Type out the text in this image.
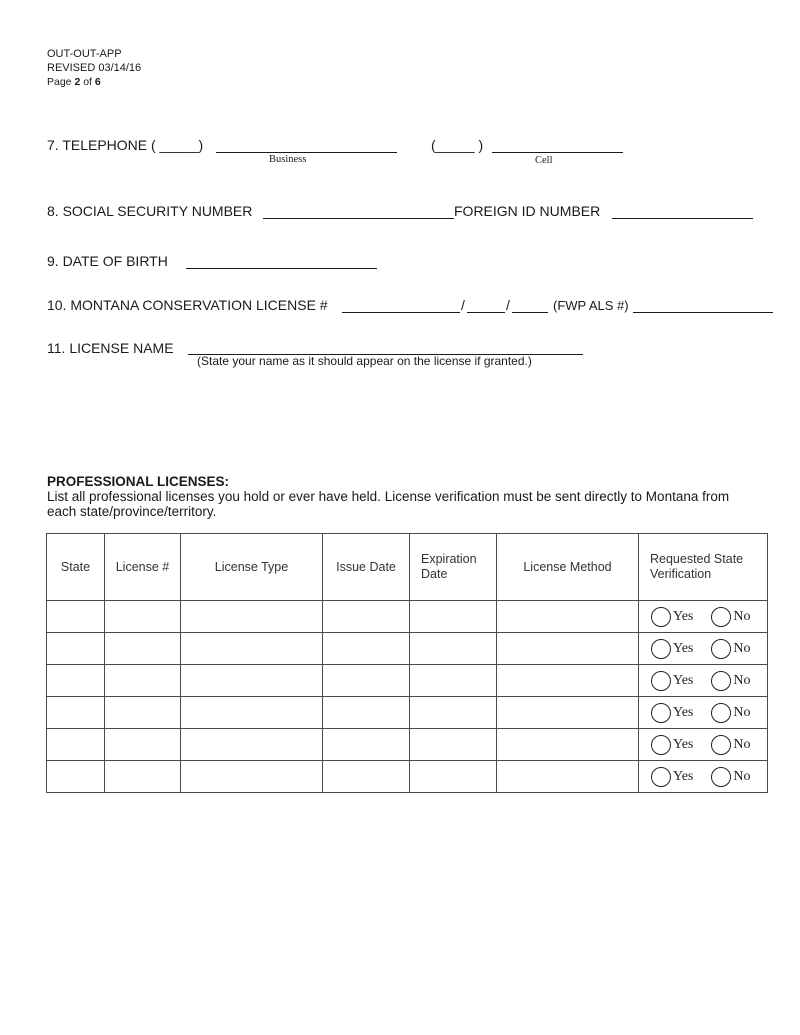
OUT-OUT-APP
REVISED 03/14/16
Page 2 of 6
7. TELEPHONE ( _____)
Business
(_____ )
Cell
8. SOCIAL SECURITY NUMBER	FOREIGN ID NUMBER
9. DATE OF BIRTH
10. MONTANA CONSERVATION LICENSE #	/	/	(FWP ALS #)
11. LICENSE NAME
(State your name as it should appear on the license if granted.)
PROFESSIONAL LICENSES:
List all professional licenses you hold or ever have held. License verification must be sent directly to Montana from each state/province/territory.
State	License #	License Type	Issue Date	Expiration Date	License Method	Requested State Verification

						Yes No

						Yes No

						Yes No

						Yes No

						Yes No

						Yes No
